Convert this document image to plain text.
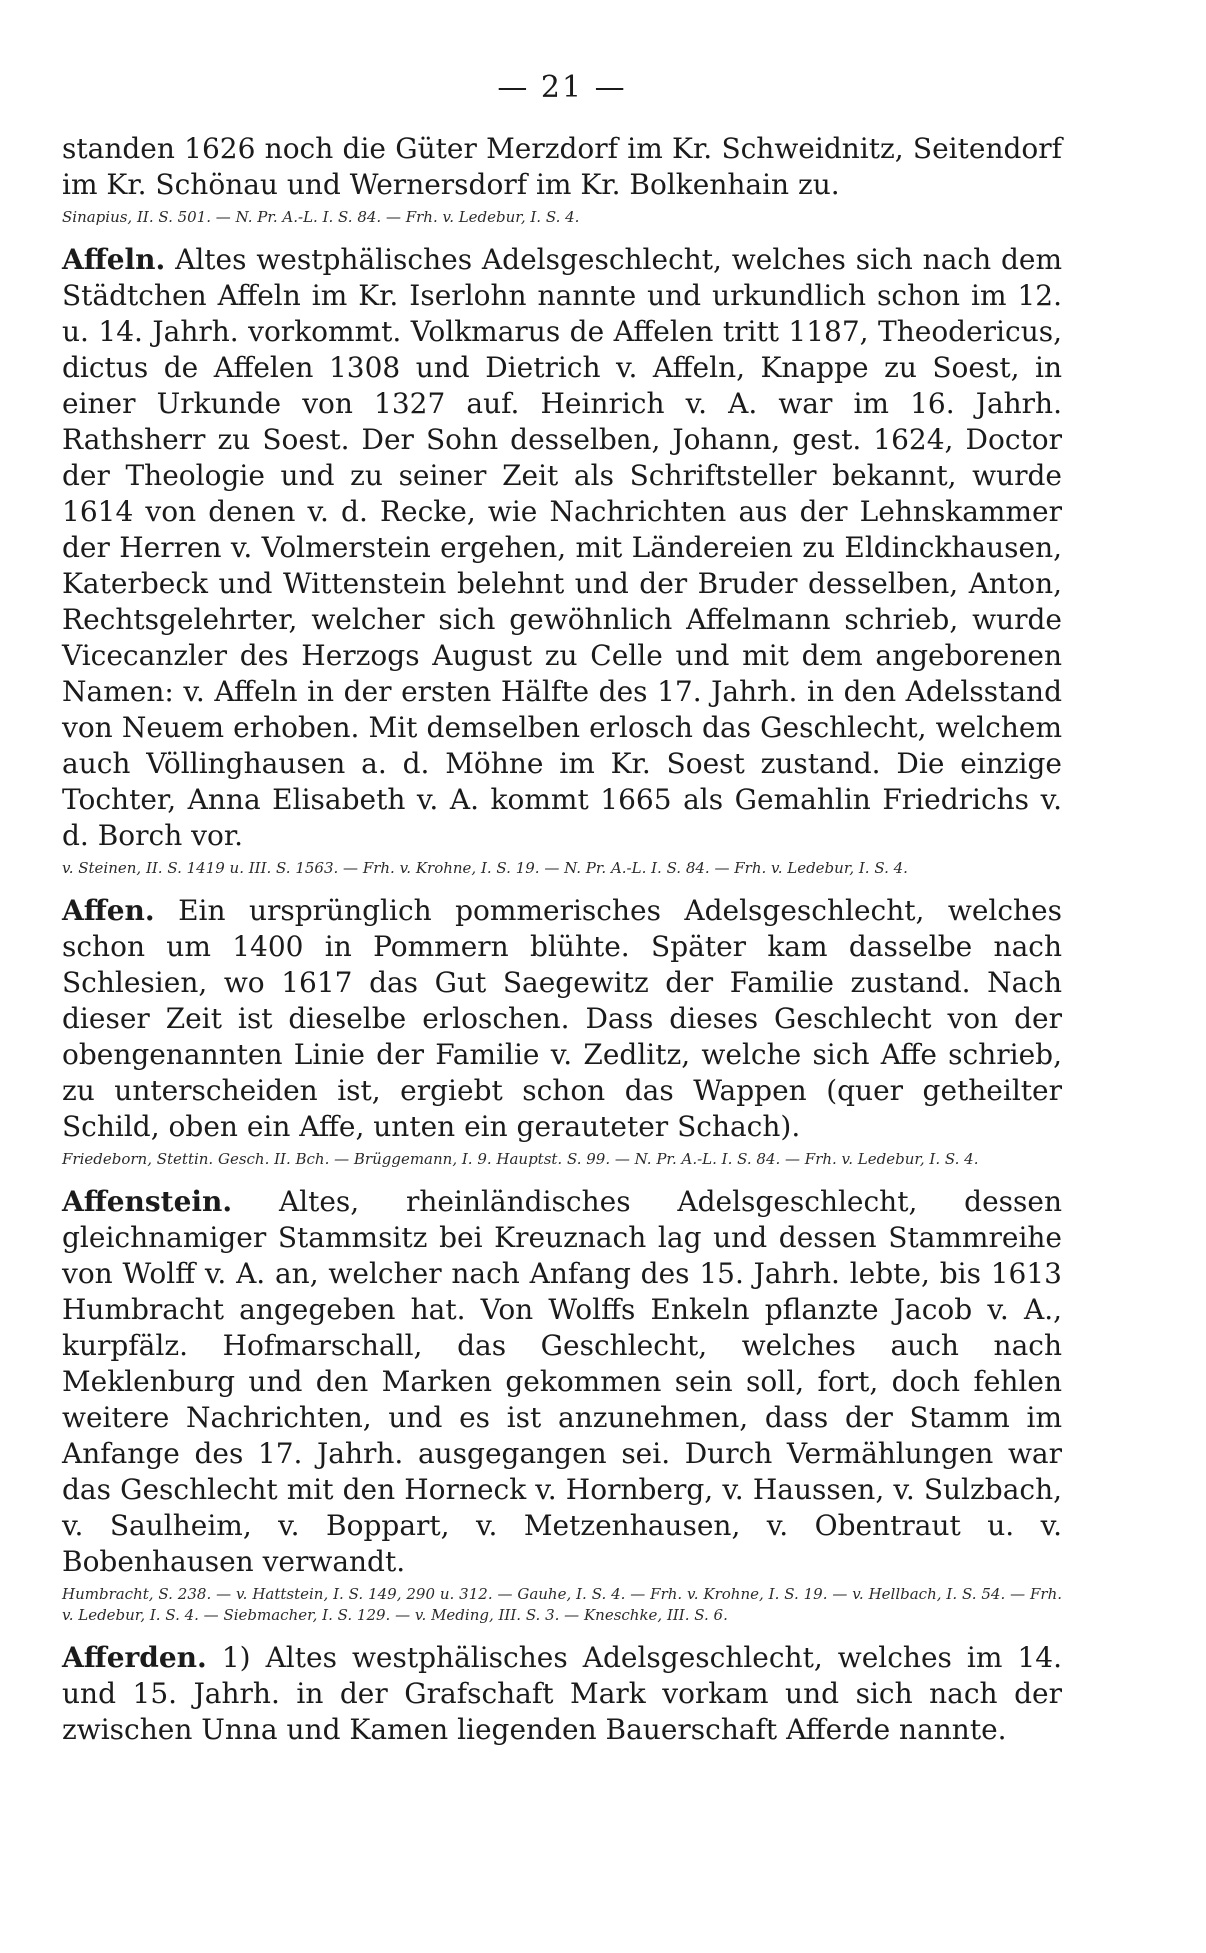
— 21 —

standen 1626 noch die Güter Merzdorf im Kr. Schweidnitz, Seitendorf im Kr. Schönau und Wernersdorf im Kr. Bolkenhain zu.

Sinapius, II. S. 501. — N. Pr. A.-L. I. S. 84. — Frh. v. Ledebur, I. S. 4.

Affeln. Altes westphälisches Adelsgeschlecht, welches sich nach dem Städtchen Affeln im Kr. Iserlohn nannte und urkundlich schon im 12. u. 14. Jahrh. vorkommt. Volkmarus de Affelen tritt 1187, Theodericus, dictus de Affelen 1308 und Dietrich v. Affeln, Knappe zu Soest, in einer Urkunde von 1327 auf. Heinrich v. A. war im 16. Jahrh. Rathsherr zu Soest. Der Sohn desselben, Johann, gest. 1624, Doctor der Theologie und zu seiner Zeit als Schriftsteller bekannt, wurde 1614 von denen v. d. Recke, wie Nachrichten aus der Lehnskammer der Herren v. Volmerstein ergehen, mit Ländereien zu Eldinckhausen, Katerbeck und Wittenstein belehnt und der Bruder desselben, Anton, Rechtsgelehrter, welcher sich gewöhnlich Affelmann schrieb, wurde Vicecanzler des Herzogs August zu Celle und mit dem angeborenen Namen: v. Affeln in der ersten Hälfte des 17. Jahrh. in den Adelsstand von Neuem erhoben. Mit demselben erlosch das Geschlecht, welchem auch Völlinghausen a. d. Möhne im Kr. Soest zustand. Die einzige Tochter, Anna Elisabeth v. A. kommt 1665 als Gemahlin Friedrichs v. d. Borch vor.

v. Steinen, II. S. 1419 u. III. S. 1563. — Frh. v. Krohne, I. S. 19. — N. Pr. A.-L. I. S. 84. — Frh. v. Ledebur, I. S. 4.

Affen. Ein ursprünglich pommerisches Adelsgeschlecht, welches schon um 1400 in Pommern blühte. Später kam dasselbe nach Schlesien, wo 1617 das Gut Saegewitz der Familie zustand. Nach dieser Zeit ist dieselbe erloschen. Dass dieses Geschlecht von der obengenannten Linie der Familie v. Zedlitz, welche sich Affe schrieb, zu unterscheiden ist, ergiebt schon das Wappen (quer getheilter Schild, oben ein Affe, unten ein gerauteter Schach).

Friedeborn, Stettin. Gesch. II. Bch. — Brüggemann, I. 9. Hauptst. S. 99. — N. Pr. A.-L. I. S. 84. — Frh. v. Ledebur, I. S. 4.

Affenstein. Altes, rheinländisches Adelsgeschlecht, dessen gleichnamiger Stammsitz bei Kreuznach lag und dessen Stammreihe von Wolff v. A. an, welcher nach Anfang des 15. Jahrh. lebte, bis 1613 Humbracht angegeben hat. Von Wolffs Enkeln pflanzte Jacob v. A., kurpfälz. Hofmarschall, das Geschlecht, welches auch nach Meklenburg und den Marken gekommen sein soll, fort, doch fehlen weitere Nachrichten, und es ist anzunehmen, dass der Stamm im Anfange des 17. Jahrh. ausgegangen sei. Durch Vermählungen war das Geschlecht mit den Horneck v. Hornberg, v. Haussen, v. Sulzbach, v. Saulheim, v. Boppart, v. Metzenhausen, v. Obentraut u. v. Bobenhausen verwandt.

Humbracht, S. 238. — v. Hattstein, I. S. 149, 290 u. 312. — Gauhe, I. S. 4. — Frh. v. Krohne, I. S. 19. — v. Hellbach, I. S. 54. — Frh. v. Ledebur, I. S. 4. — Siebmacher, I. S. 129. — v. Meding, III. S. 3. — Kneschke, III. S. 6.

Afferden. 1) Altes westphälisches Adelsgeschlecht, welches im 14. und 15. Jahrh. in der Grafschaft Mark vorkam und sich nach der zwischen Unna und Kamen liegenden Bauerschaft Afferde nannte.
